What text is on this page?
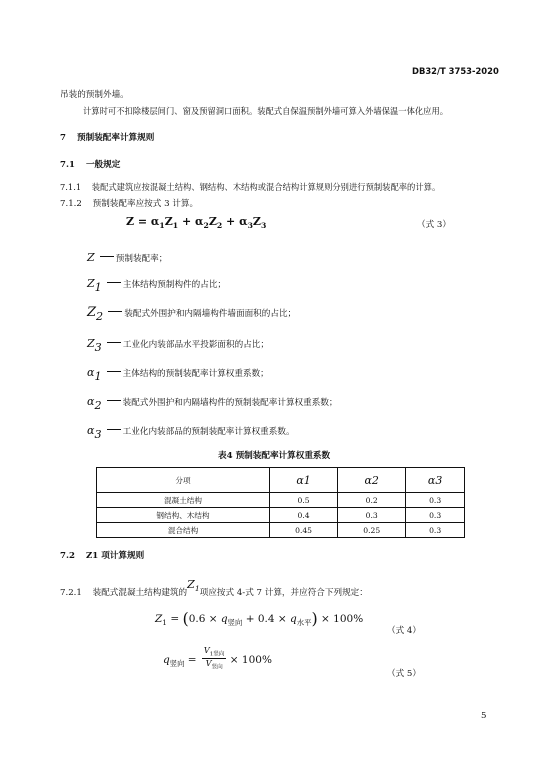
DB32/T 3753-2020
吊装的预制外墙。
计算时可不扣除楼层间门、窗及预留洞口面积。装配式自保温预制外墙可算入外墙保温一体化应用。
7 预制装配率计算规则
7.1 一般规定
7.1.1 装配式建筑应按混凝土结构、钢结构、木结构或混合结构计算规则分别进行预制装配率的计算。
7.1.2 预制装配率应按式 3 计算。
$Z = \alpha_1Z_1 + \alpha_2Z_2 + \alpha_3Z_3$	（式 3）
Z 预制装配率；
$Z_1$ 主体结构预制构件的占比；
$Z_2$ 装配式外围护和内隔墙构件墙面面积的占比；
$Z_3$ 工业化内装部品水平投影面积的占比；
$\alpha_1$ 主体结构的预制装配率计算权重系数；
$\alpha_2$ 装配式外围护和内隔墙构件的预制装配率计算权重系数；
$\alpha_3$ 工业化内装部品的预制装配率计算权重系数。
表4 预制装配率计算权重系数
分项	α1	α2	α3
混凝土结构	0.5	0.2	0.3
钢结构、木结构	0.4	0.3	0.3
混合结构	0.45	0.25	0.3
7.2 Z1 项计算规则
7.2.1 装配式混凝土结构建筑的$Z_1$项应按式 4-式 7 计算，并应符合下列规定：
$Z_1 = (0.6 \times q_{竖向} + 0.4 \times q_{水平}) \times 100\%$
（式 4）
$q_{竖向}$ =
$V_{1竖向}$
$V_{竖向}$
× 100%
（式 5）
5
